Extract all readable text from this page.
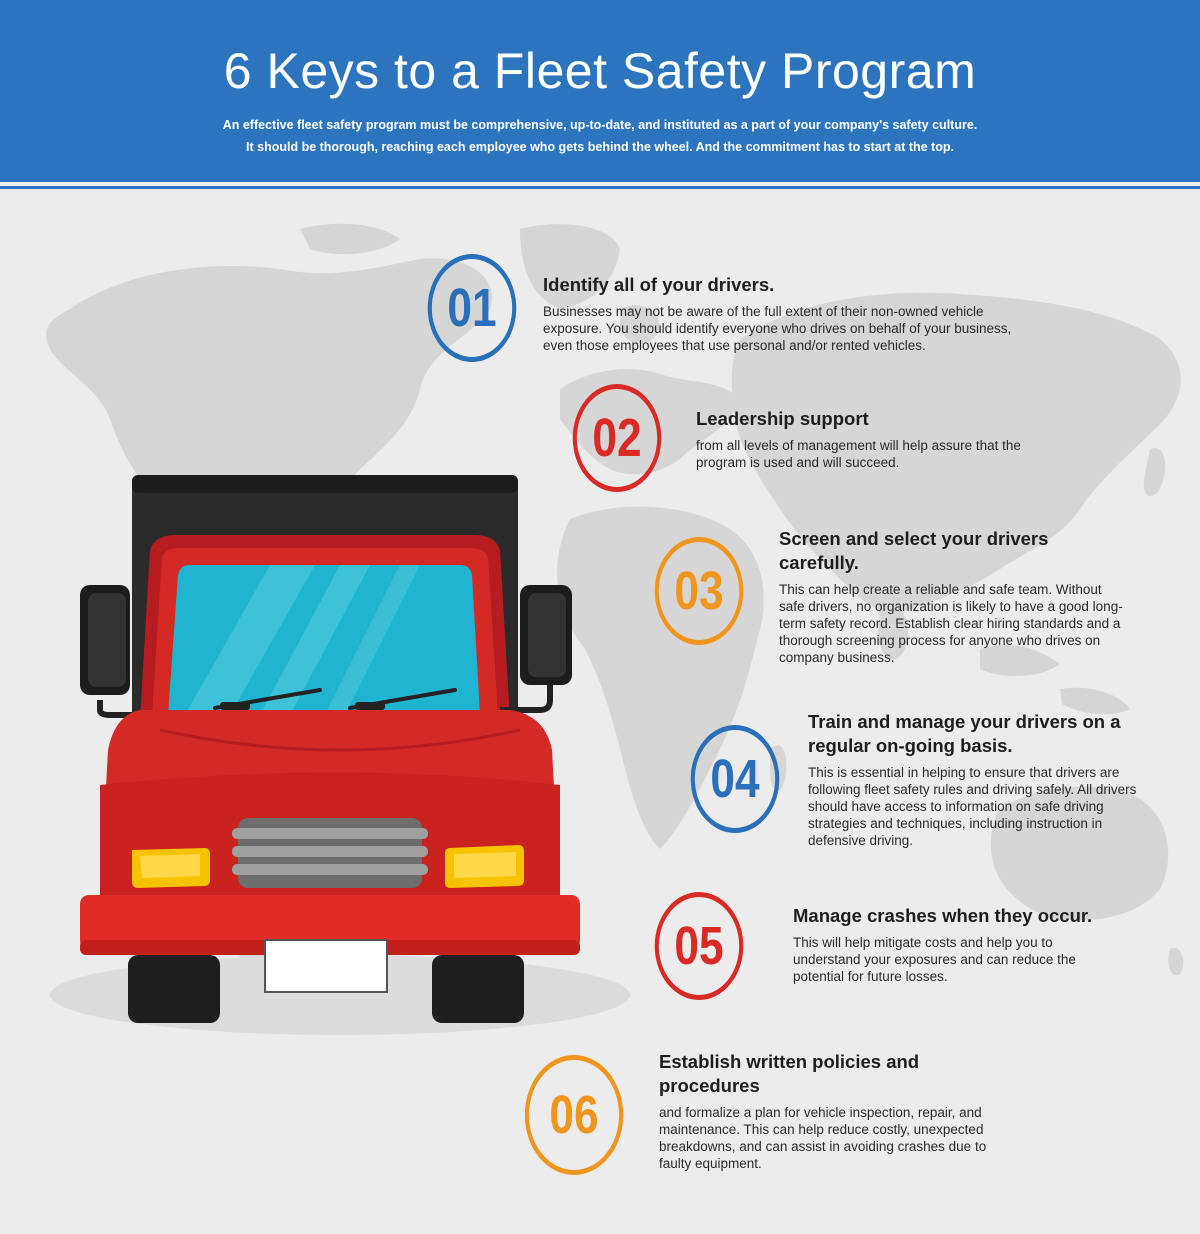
6 Keys to a Fleet Safety Program

An effective fleet safety program must be comprehensive, up-to-date, and instituted as a part of your company's safety culture.

It should be thorough, reaching each employee who gets behind the wheel. And the commitment has to start at the top.

01	Identify all of your drivers.

Businesses may not be aware of the full extent of their non-owned vehicle exposure. You should identify everyone who drives on behalf of your business, even those employees that use personal and/or rented vehicles.

02	Leadership support

from all levels of management will help assure that the program is used and will succeed.

03

Screen and select your drivers carefully.

This can help create a reliable and safe team. Without safe drivers, no organization is likely to have a good long-term safety record. Establish clear hiring standards and a thorough screening process for anyone who drives on company business.

04

Train and manage your drivers on a regular on-going basis.

This is essential in helping to ensure that drivers are following fleet safety rules and driving safely. All drivers should have access to information on safe driving strategies and techniques, including instruction in defensive driving.

05

Manage crashes when they occur.

This will help mitigate costs and help you to understand your exposures and can reduce the potential for future losses.

06

Establish written policies and procedures

and formalize a plan for vehicle inspection, repair, and maintenance. This can help reduce costly, unexpected breakdowns, and can assist in avoiding crashes due to faulty equipment.
